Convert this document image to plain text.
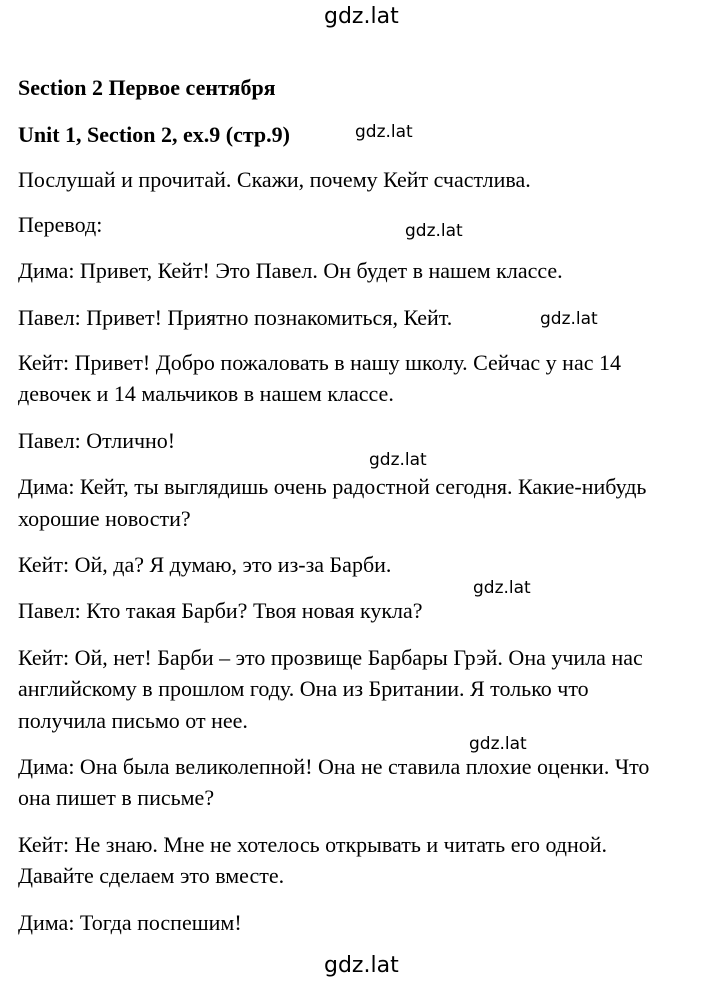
gdz.lat

Section 2 Первое сентября

Unit 1, Section 2, ex.9 (стр.9)	gdz.lat

Послушай и прочитай. Скажи, почему Кейт счастлива.

Перевод:	gdz.lat

Дима: Привет, Кейт! Это Павел. Он будет в нашем классе.

Павел: Привет! Приятно познакомиться, Кейт.	gdz.lat

Кейт: Привет! Добро пожаловать в нашу школу. Сейчас у нас 14

девочек и 14 мальчиков в нашем классе.

Павел: Отлично!

gdz.lat

Дима: Кейт, ты выглядишь очень радостной сегодня. Какие-нибудь

хорошие новости?

Кейт: Ой, да? Я думаю, это из-за Барби.

gdz.lat

Павел: Кто такая Барби? Твоя новая кукла?

Кейт: Ой, нет! Барби – это прозвище Барбары Грэй. Она учила нас

английскому в прошлом году. Она из Британии. Я только что

получила письмо от нее.

gdz.lat

Дима: Она была великолепной! Она не ставила плохие оценки. Что

она пишет в письме?

Кейт: Не знаю. Мне не хотелось открывать и читать его одной.

Давайте сделаем это вместе.

Дима: Тогда поспешим!

gdz.lat
